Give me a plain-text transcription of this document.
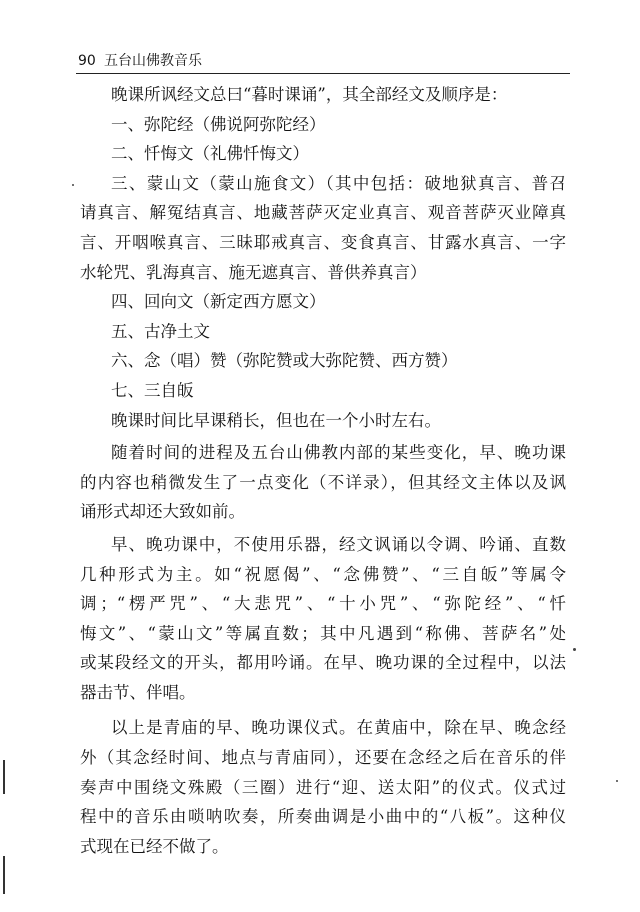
90 五台山佛教音乐
晚课所讽经文总曰“暮时课诵”，其全部经文及顺序是：
一、弥陀经（佛说阿弥陀经）
二、忏悔文（礼佛忏悔文）
三、蒙山文（蒙山施食文）（其中包括：破地狱真言、普召
请真言、解冤结真言、地藏菩萨灭定业真言、观音菩萨灭业障真
言、开咽喉真言、三昧耶戒真言、变食真言、甘露水真言、一字
水轮咒、乳海真言、施无遮真言、普供养真言）
四、回向文（新定西方愿文）
五、古净土文
六、念（唱）赞（弥陀赞或大弥陀赞、西方赞）
七、三自皈
晚课时间比早课稍长，但也在一个小时左右。
随着时间的进程及五台山佛教内部的某些变化，早、晚功课
的内容也稍微发生了一点变化（不详录），但其经文主体以及讽
诵形式却还大致如前。
早、晚功课中，不使用乐器，经文讽诵以令调、吟诵、直数
几种形式为主。如“祝愿偈”、“念佛赞”、“三自皈”等属令
调；“楞严咒”、“大悲咒”、“十小咒”、“弥陀经”、“忏
悔文”、“蒙山文”等属直数；其中凡遇到“称佛、菩萨名”处
或某段经文的开头，都用吟诵。在早、晚功课的全过程中，以法
器击节、伴唱。
以上是青庙的早、晚功课仪式。在黄庙中，除在早、晚念经
外（其念经时间、地点与青庙同），还要在念经之后在音乐的伴
奏声中围绕文殊殿（三圈）进行“迎、送太阳”的仪式。仪式过
程中的音乐由唢呐吹奏，所奏曲调是小曲中的“八板”。这种仪
式现在已经不做了。
